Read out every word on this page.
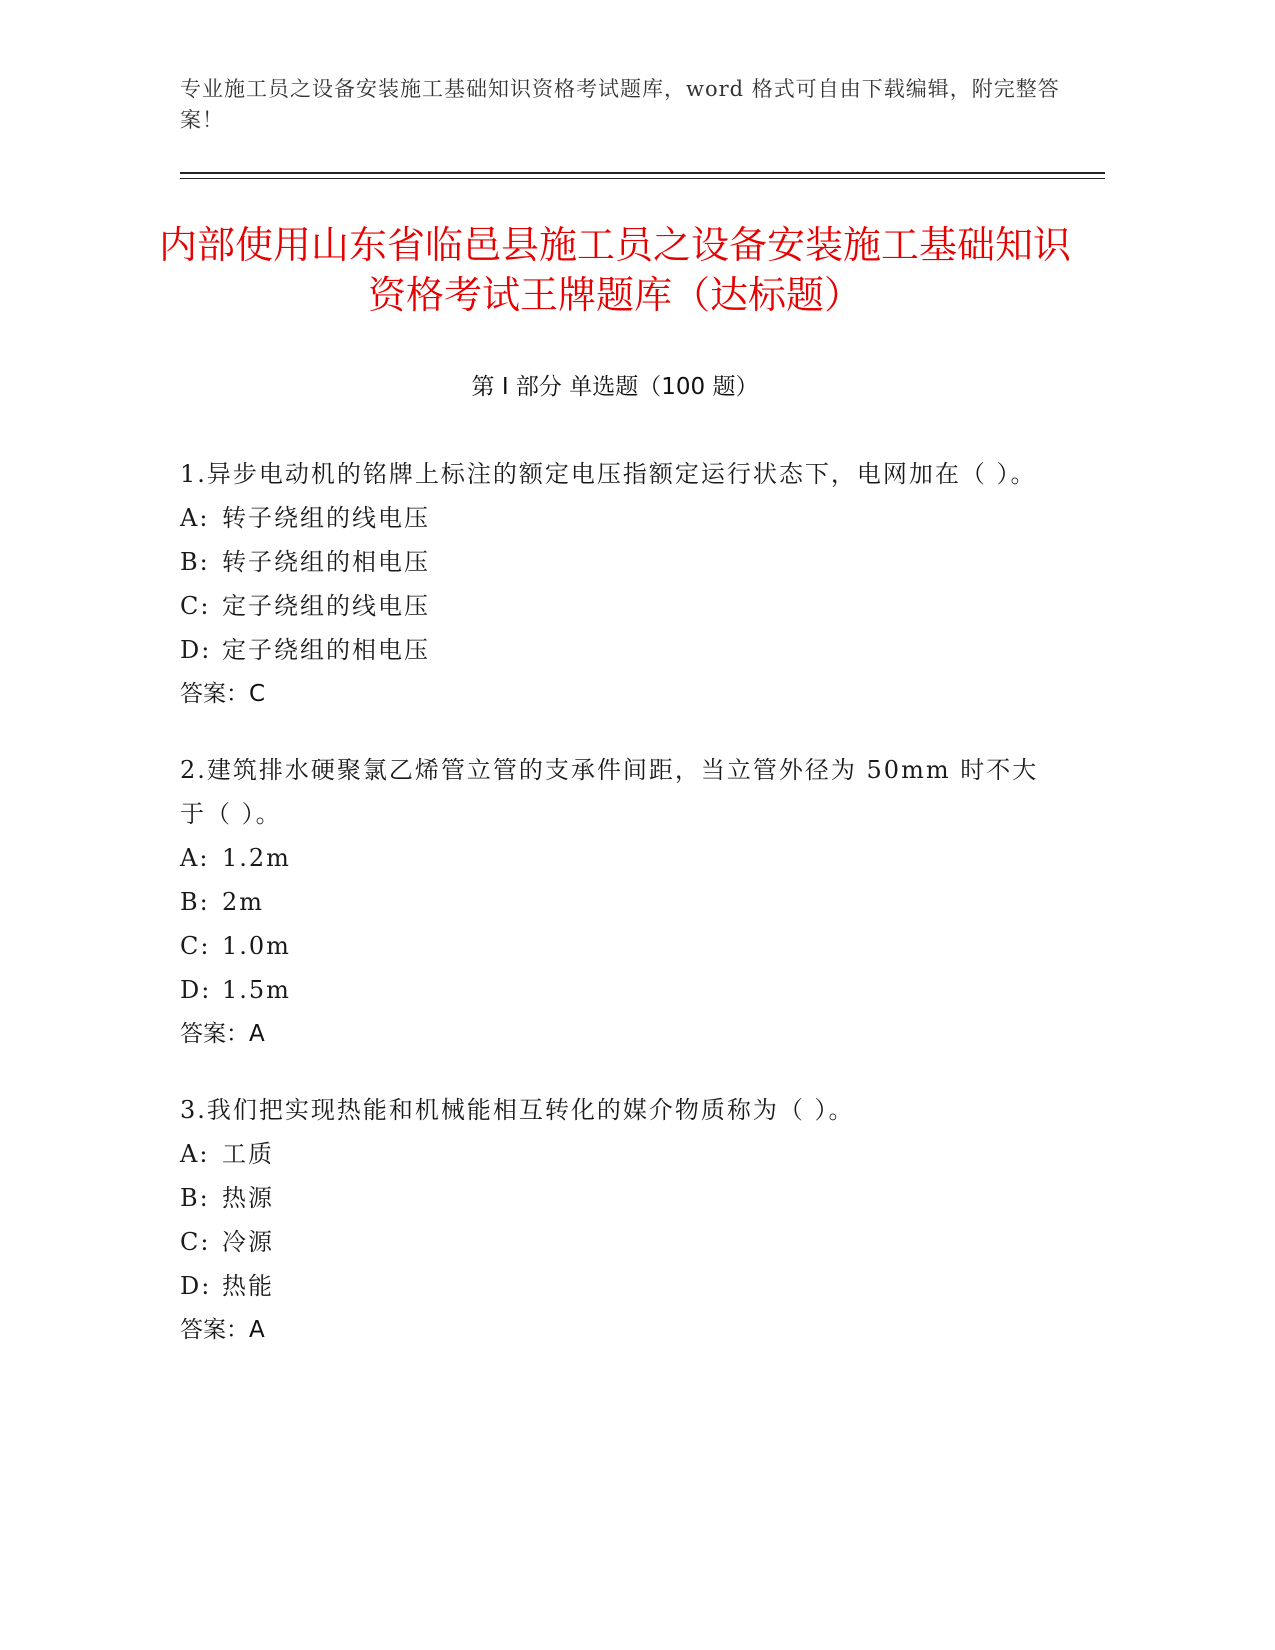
专业施工员之设备安装施工基础知识资格考试题库，word 格式可自由下载编辑，附完整答案！
内部使用山东省临邑县施工员之设备安装施工基础知识资格考试王牌题库（达标题）
第 I 部分 单选题（100 题）
1.异步电动机的铭牌上标注的额定电压指额定运行状态下，电网加在（ ）。
A: 转子绕组的线电压
B: 转子绕组的相电压
C: 定子绕组的线电压
D: 定子绕组的相电压
答案：C
2.建筑排水硬聚氯乙烯管立管的支承件间距，当立管外径为 50mm 时不大于（ ）。
A: 1.2m
B: 2m
C: 1.0m
D: 1.5m
答案：A
3.我们把实现热能和机械能相互转化的媒介物质称为（ ）。
A: 工质
B: 热源
C: 冷源
D: 热能
答案：A
